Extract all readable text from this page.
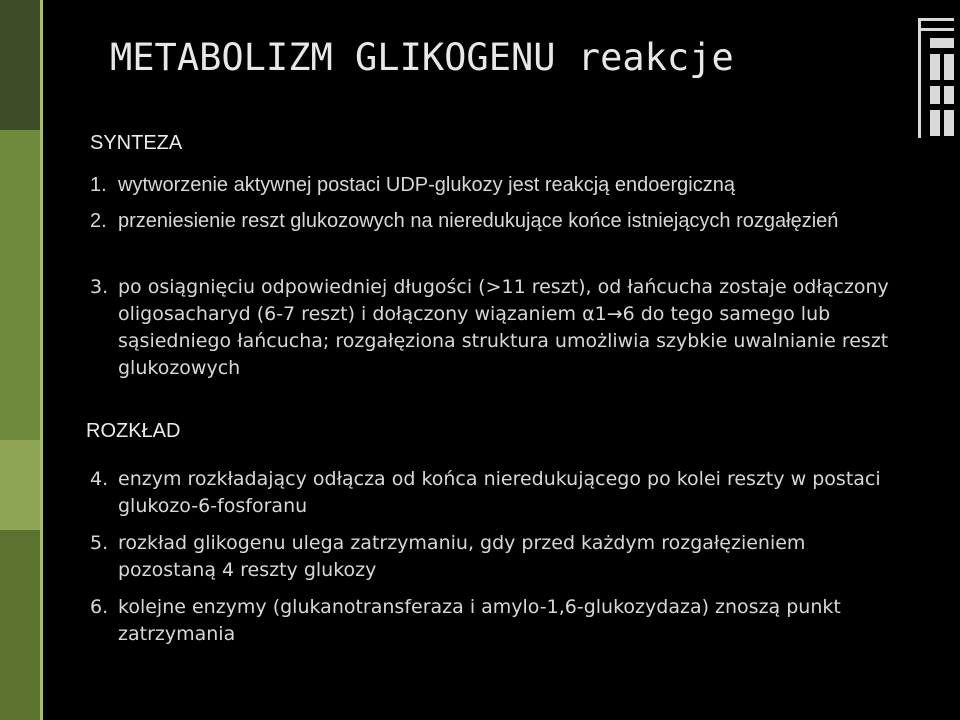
METABOLIZM GLIKOGENU reakcje

SYNTEZA

1. wytworzenie aktywnej postaci UDP-glukozy jest reakcją endoergiczną
2. przeniesienie reszt glukozowych na nieredukujące końce istniejących rozgałęzień
3. po osiągnięciu odpowiedniej długości (>11 reszt), od łańcucha zostaje odłączony oligosacharyd (6-7 reszt) i dołączony wiązaniem α1→6 do tego samego lub sąsiedniego łańcucha; rozgałęziona struktura umożliwia szybkie uwalnianie reszt glukozowych

ROZKŁAD

4. enzym rozkładający odłącza od końca nieredukującego po kolei reszty w postaci glukozo-6-fosforanu
5. rozkład glikogenu ulega zatrzymaniu, gdy przed każdym rozgałęzieniem pozostaną 4 reszty glukozy
6. kolejne enzymy (glukanotransferaza i amylo-1,6-glukozydaza) znoszą punkt zatrzymania
